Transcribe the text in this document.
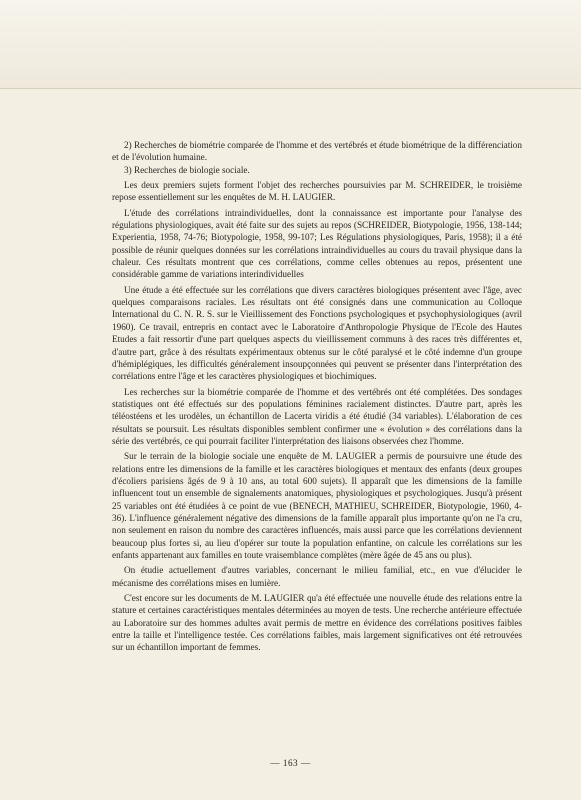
2) Recherches de biométrie comparée de l'homme et des vertébrés et étude biométrique de la différenciation et de l'évolution humaine.

3) Recherches de biologie sociale.

Les deux premiers sujets forment l'objet des recherches poursuivies par M. SCHREIDER, le troisième repose essentiellement sur les enquêtes de M. H. LAUGIER.

L'étude des corrélations intraindividuelles, dont la connaissance est importante pour l'analyse des régulations physiologiques, avait été faite sur des sujets au repos (SCHREIDER, Biotypologie, 1956, 138-144; Experientia, 1958, 74-76; Biotypologie, 1958, 99-107; Les Régulations physiologiques, Paris, 1958); il a été possible de réunir quelques données sur les corrélations intraindividuelles au cours du travail physique dans la chaleur. Ces résultats montrent que ces corrélations, comme celles obtenues au repos, présentent une considérable gamme de variations interindividuelles

Une étude a été effectuée sur les corrélations que divers caractères biologiques présentent avec l'âge, avec quelques comparaisons raciales. Les résultats ont été consignés dans une communication au Colloque International du C. N. R. S. sur le Vieillissement des Fonctions psychologiques et psychophysiologiques (avril 1960). Ce travail, entrepris en contact avec le Laboratoire d'Anthropologie Physique de l'Ecole des Hautes Etudes a fait ressortir d'une part quelques aspects du vieillissement communs à des races très différentes et, d'autre part, grâce à des résultats expérimentaux obtenus sur le côté paralysé et le côté indemne d'un groupe d'hémiplégiques, les difficultés généralement insoupçonnées qui peuvent se présenter dans l'interprétation des corrélations entre l'âge et les caractères physiologiques et biochimiques.

Les recherches sur la biométrie comparée de l'homme et des vertébrés ont été complétées. Des sondages statistiques ont été effectués sur des populations féminines racialement distinctes. D'autre part, après les téléostéens et les urodèles, un échantillon de Lacerta viridis a été étudié (34 variables). L'élaboration de ces résultats se poursuit. Les résultats disponibles semblent confirmer une « évolution » des corrélations dans la série des vertébrés, ce qui pourrait faciliter l'interprétation des liaisons observées chez l'homme.

Sur le terrain de la biologie sociale une enquête de M. LAUGIER a permis de poursuivre une étude des relations entre les dimensions de la famille et les caractères biologiques et mentaux des enfants (deux groupes d'écoliers parisiens âgés de 9 à 10 ans, au total 600 sujets). Il apparaît que les dimensions de la famille influencent tout un ensemble de signalements anatomiques, physiologiques et psychologiques. Jusqu'à présent 25 variables ont été étudiées à ce point de vue (BENECH, MATHIEU, SCHREIDER, Biotypologie, 1960, 4-36). L'influence généralement négative des dimensions de la famille apparaît plus importante qu'on ne l'a cru, non seulement en raison du nombre des caractères influencés, mais aussi parce que les corrélations deviennent beaucoup plus fortes si, au lieu d'opérer sur toute la population enfantine, on calcule les corrélations sur les enfants appartenant aux familles en toute vraisemblance complètes (mère âgée de 45 ans ou plus).

On étudie actuellement d'autres variables, concernant le milieu familial, etc., en vue d'élucider le mécanisme des corrélations mises en lumière.

C'est encore sur les documents de M. LAUGIER qu'a été effectuée une nouvelle étude des relations entre la stature et certaines caractéristiques mentales déterminées au moyen de tests. Une recherche antérieure effectuée au Laboratoire sur des hommes adultes avait permis de mettre en évidence des corrélations positives faibles entre la taille et l'intelligence testée. Ces corrélations faibles, mais largement significatives ont été retrouvées sur un échantillon important de femmes.

— 163 —
